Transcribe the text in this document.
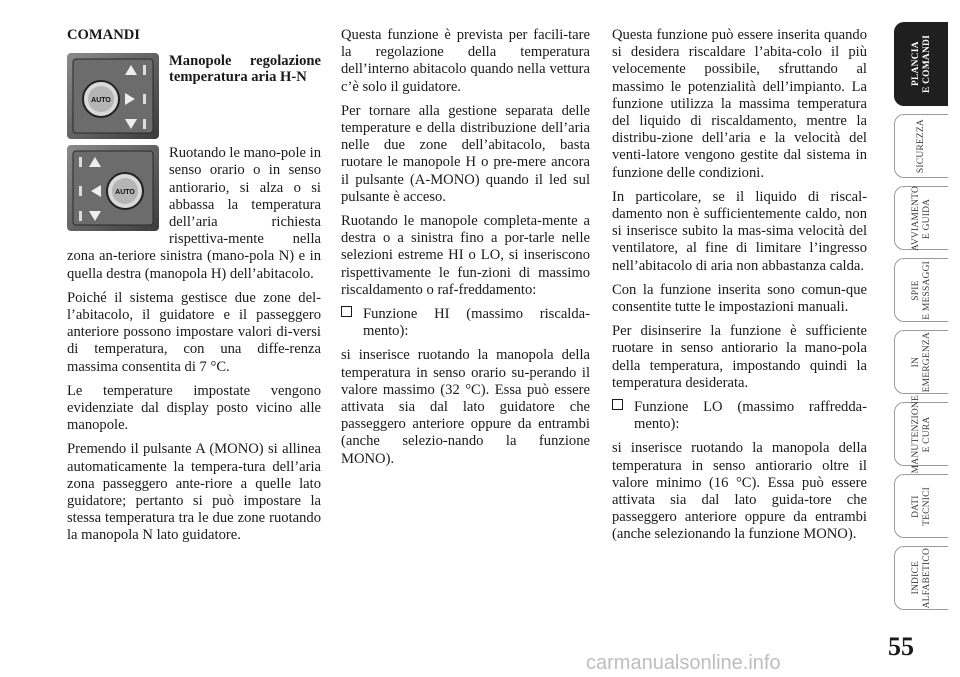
COMANDI
AUTO
Manopole regolazione temperatura aria H-N
AUTO

Ruotando le mano-pole in senso orario o in senso antiorario, si alza o si abbassa la temperatura dell’aria richiesta rispettiva-mente nella zona an-teriore sinistra (mano-pola N) e in quella destra (manopola H) dell’abitacolo.

Poiché il sistema gestisce due zone del-l’abitacolo, il guidatore e il passeggero anteriore possono impostare valori di-versi di temperatura, con una diffe-renza massima consentita di 7 °C.

Le temperature impostate vengono evidenziate dal display posto vicino alle manopole.

Premendo il pulsante A (MONO) si allinea automaticamente la tempera-tura dell’aria zona passeggero ante-riore a quelle lato guidatore; pertanto si può impostare la stessa temperatura tra le due zone ruotando la manopola N lato guidatore.

Questa funzione è prevista per facili-tare la regolazione della temperatura dell’interno abitacolo quando nella vettura c’è solo il guidatore.

Per tornare alla gestione separata delle temperature e della distribuzione dell’aria nelle due zone dell’abitacolo, basta ruotare le manopole H o pre-mere ancora il pulsante (A-MONO) quando il led sul pulsante è acceso.

Ruotando le manopole completa-mente a destra o a sinistra fino a por-tarle nelle selezioni estreme HI o LO, si inseriscono rispettivamente le fun-zioni di massimo riscaldamento o raf-freddamento:

Funzione HI (massimo riscalda-mento):

si inserisce ruotando la manopola della temperatura in senso orario su-perando il valore massimo (32 °C). Essa può essere attivata sia dal lato guidatore che passeggero anteriore oppure da entrambi (anche selezio-nando la funzione MONO).

Questa funzione può essere inserita quando si desidera riscaldare l’abita-colo il più velocemente possibile, sfruttando al massimo le potenzialità dell’impianto. La funzione utilizza la massima temperatura del liquido di riscaldamento, mentre la distribu-zione dell’aria e la velocità del venti-latore vengono gestite dal sistema in funzione delle condizioni.

In particolare, se il liquido di riscal-damento non è sufficientemente caldo, non si inserisce subito la mas-sima velocità del ventilatore, al fine di limitare l’ingresso nell’abitacolo di aria non abbastanza calda.

Con la funzione inserita sono comun-que consentite tutte le impostazioni manuali.

Per disinserire la funzione è sufficiente ruotare in senso antiorario la mano-pola della temperatura, impostando quindi la temperatura desiderata.

Funzione LO (massimo raffredda-mento):

si inserisce ruotando la manopola della temperatura in senso antiorario oltre il valore minimo (16 °C). Essa può essere attivata sia dal lato guida-tore che passeggero anteriore oppure da entrambi (anche selezionando la funzione MONO).

PLANCIA
E COMANDI
SICUREZZA
AVVIAMENTO
E GUIDA
SPIE
E MESSAGGI
IN
EMERGENZA
MANUTENZIONE
E CURA
DATI
TECNICI
INDICE
ALFABETICO
55
carmanualsonline.info
